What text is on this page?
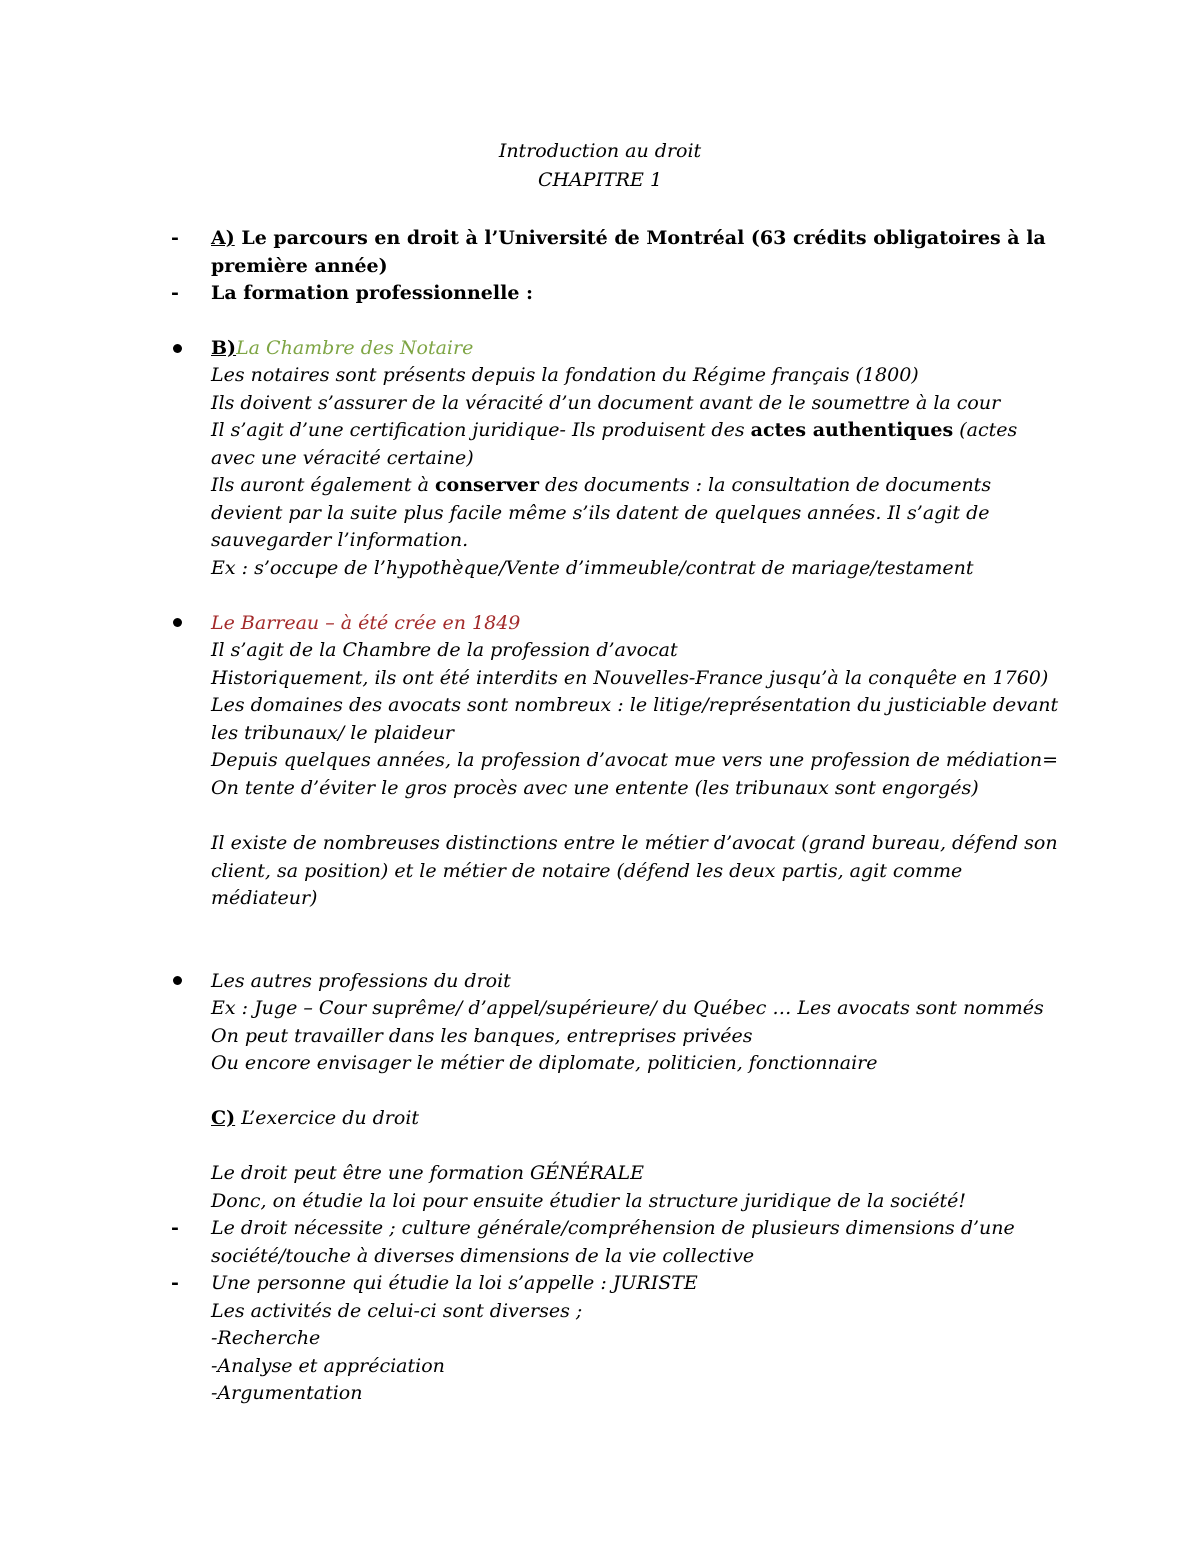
Introduction au droit
CHAPITRE 1
- A) Le parcours en droit à l’Université de Montréal (63 crédits obligatoires à la
première année)
- La formation professionnelle :
B)La Chambre des Notaire
Les notaires sont présents depuis la fondation du Régime français (1800)
Ils doivent s’assurer de la véracité d’un document avant de le soumettre à la cour
Il s’agit d’une certification juridique- Ils produisent des actes authentiques (actes
avec une véracité certaine)
Ils auront également à conserver des documents : la consultation de documents
devient par la suite plus facile même s’ils datent de quelques années. Il s’agit de
sauvegarder l’information.
Ex : s’occupe de l’hypothèque/Vente d’immeuble/contrat de mariage/testament
Le Barreau – à été crée en 1849
Il s’agit de la Chambre de la profession d’avocat
Historiquement, ils ont été interdits en Nouvelles-France jusqu’à la conquête en 1760)
Les domaines des avocats sont nombreux : le litige/représentation du justiciable devant
les tribunaux/ le plaideur
Depuis quelques années, la profession d’avocat mue vers une profession de médiation=
On tente d’éviter le gros procès avec une entente (les tribunaux sont engorgés)
Il existe de nombreuses distinctions entre le métier d’avocat (grand bureau, défend son
client, sa position) et le métier de notaire (défend les deux partis, agit comme
médiateur)
Les autres professions du droit
Ex : Juge – Cour suprême/ d’appel/supérieure/ du Québec … Les avocats sont nommés
On peut travailler dans les banques, entreprises privées
Ou encore envisager le métier de diplomate, politicien, fonctionnaire
C) L’exercice du droit
Le droit peut être une formation GÉNÉRALE
Donc, on étudie la loi pour ensuite étudier la structure juridique de la société!
- Le droit nécessite ; culture générale/compréhension de plusieurs dimensions d’une
société/touche à diverses dimensions de la vie collective
- Une personne qui étudie la loi s’appelle : JURISTE
Les activités de celui-ci sont diverses ;
-Recherche
-Analyse et appréciation
-Argumentation
